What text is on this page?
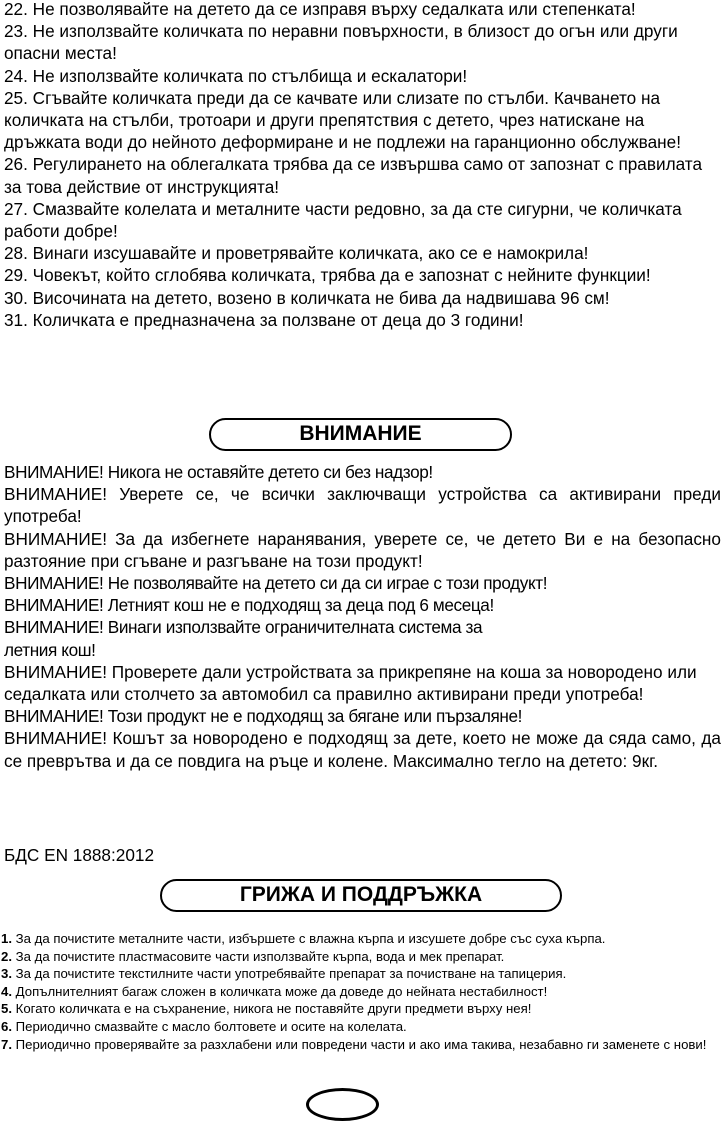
22. Не позволявайте на детето да се изправя върху седалката или степенката!

23. Не използвайте количката по неравни повърхности, в близост до огън или други опасни места!

24. Не използвайте количката по стълбища и ескалатори!

25. Сгъвайте количката преди да се качвате или слизате по стълби. Качването на количката на стълби, тротоари и други препятствия с детето, чрез натискане на дръжката води до нейното деформиране и не подлежи на гаранционно обслужване!

26. Регулирането на облегалката трябва да се извършва само от запознат с правилата за това действие от инструкцията!

27. Смазвайте колелата и металните части редовно, за да сте сигурни, че количката работи добре!

28. Винаги изсушавайте и проветрявайте количката, ако се е намокрила!

29. Човекът, който сглобява количката, трябва да е запознат с нейните функции!

30. Височината на детето, возено в количката не бива да надвишава 96 см!

31. Количката е предназначена за ползване от деца до 3 години!

ВНИМАНИЕ

ВНИМАНИЕ! Никога не оставяйте детето си без надзор!

ВНИМАНИЕ! Уверете се, че всички заключващи устройства са активирани преди употреба!

ВНИМАНИЕ! За да избегнете наранявания, уверете се, че детето Ви е на безопасно разтояние при сгъване и разгъване на този продукт!

ВНИМАНИЕ! Не позволявайте на детето си да си играе с този продукт!

ВНИМАНИЕ! Летният кош не е подходящ за деца под 6 месеца!

ВНИМАНИЕ! Винаги използвайте ограничителната система за

летния кош!

ВНИМАНИЕ! Проверете дали устройствата за прикрепяне на коша за новородено или седалката или столчето за автомобил са правилно активирани преди употреба!

ВНИМАНИЕ! Този продукт не е подходящ за бягане или пързаляне!

ВНИМАНИЕ! Кошът за новородено е подходящ за дете, което не може да сяда само, да се преврътва и да се повдига на ръце и колене. Максимално тегло на детето: 9кг.

БДС EN 1888:2012
ГРИЖА И ПОДДРЪЖКА

1. За да почистите металните части, избършете с влажна кърпа и изсушете добре със суха кърпа.

2. За да почистите пластмасовите части използвайте кърпа, вода и мек препарат.

3. За да почистите текстилните части употребявайте препарат за почистване на тапицерия.

4. Допълнителният багаж сложен в количката може да доведе до нейната нестабилност!

5. Когато количката е на съхранение, никога не поставяйте други предмети върху нея!

6. Периодично смазвайте с масло болтовете и осите на колелата.

7. Периодично проверявайте за разхлабени или повредени части и ако има такива, незабавно ги заменете с нови!
